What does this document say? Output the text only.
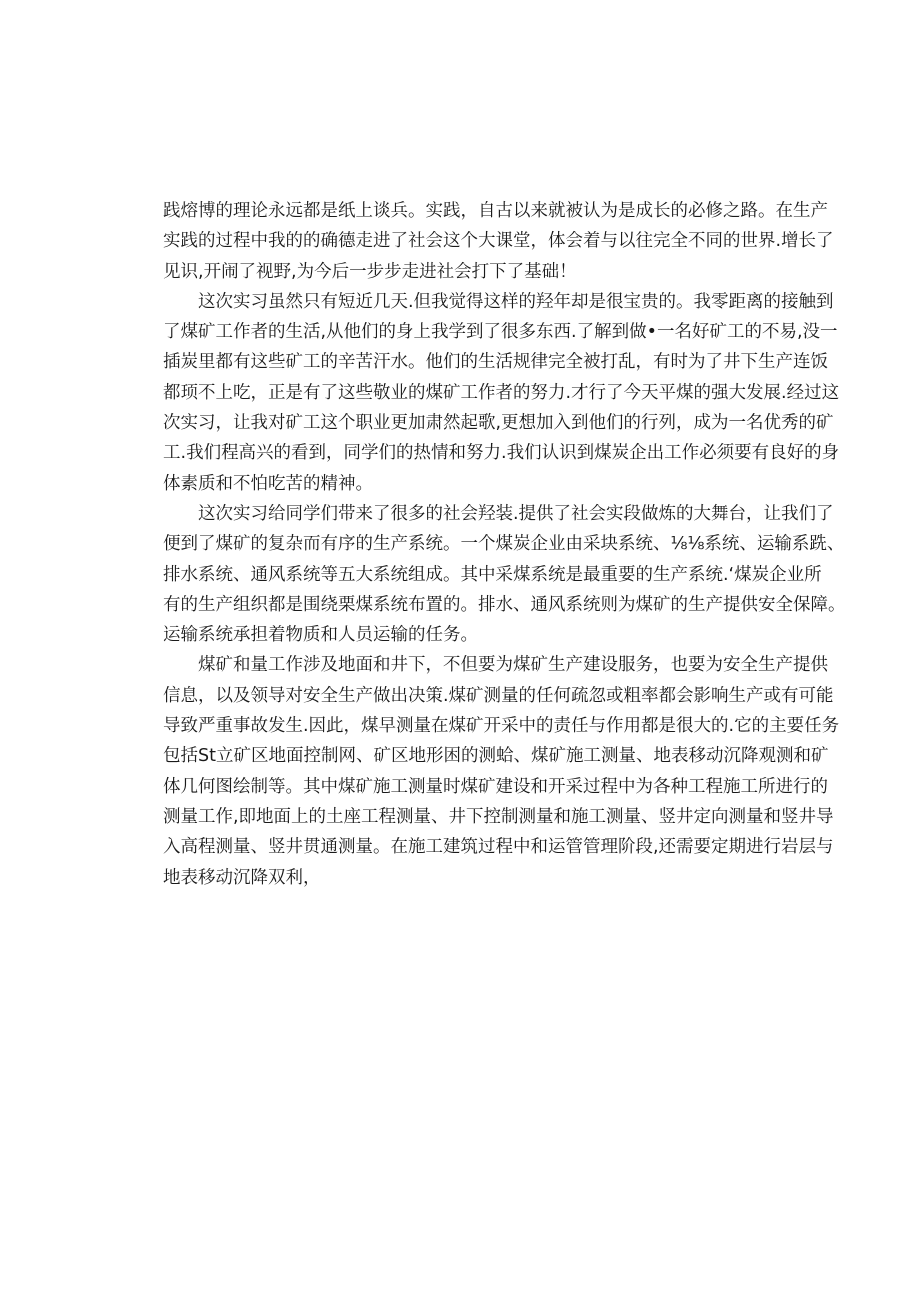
践熔博的理论永远都是纸上谈兵。实践，自古以来就被认为是成长的必修之路。在生产
实践的过程中我的的确德走进了社会这个大课堂，体会着与以往完全不同的世界.增长了
见识,开闹了视野,为今后一步步走进社会打下了基础！
这次实习虽然只有短近几天.但我觉得这样的羟年却是很宝贵的。我零距离的接触到
了煤矿工作者的生活,从他们的身上我学到了很多东西.了解到做•一名好矿工的不易,没一
插炭里都有这些矿工的辛苦汗水。他们的生活规律完全被打乱，有时为了井下生产连饭
都顼不上吃，正是有了这些敬业的煤矿工作者的努力.才行了今天平煤的强大发展.经过这
次实习，让我对矿工这个职业更加肃然起歌,更想加入到他们的行列，成为一名优秀的矿
工.我们程高兴的看到，同学们的热情和努力.我们认识到煤炭企出工作必须要有良好的身
体素质和不怕吃苦的精神。
这次实习给同学们带来了很多的社会羟装.提供了社会实段做炼的大舞台，让我们了
便到了煤矿的复杂而有序的生产系统。一个煤炭企业由采块系统、⅛⅛系统、运输系跣、
排水系统、通风系统等五大系统组成。其中采煤系统是最重要的生产系统.‘煤炭企业所
有的生产组织都是围绕栗煤系统布置的。排水、通风系统则为煤矿的生产提供安全保障。
运输系统承担着物质和人员运输的任务。
煤矿和量工作涉及地面和井下，不但要为煤矿生产建设服务，也要为安全生产提供
信息，以及领导对安全生产做出决策.煤矿测量的任何疏忽或粗率都会影响生产或有可能
导致严重事故发生.因此，煤早测量在煤矿开采中的责任与作用都是很大的.它的主要任务
包括St立矿区地面控制网、矿区地形困的测蛤、煤矿施工测量、地表移动沉降观测和矿
体几何图绘制等。其中煤矿施工测量时煤矿建设和开采过程中为各种工程施工所进行的
测量工作,即地面上的土座工程测量、井下控制测量和施工测量、竖井定向测量和竖井导
入高程测量、竖井贯通测量。在施工建筑过程中和运管管理阶段,还需要定期进行岩层与
地表移动沉降双利，
